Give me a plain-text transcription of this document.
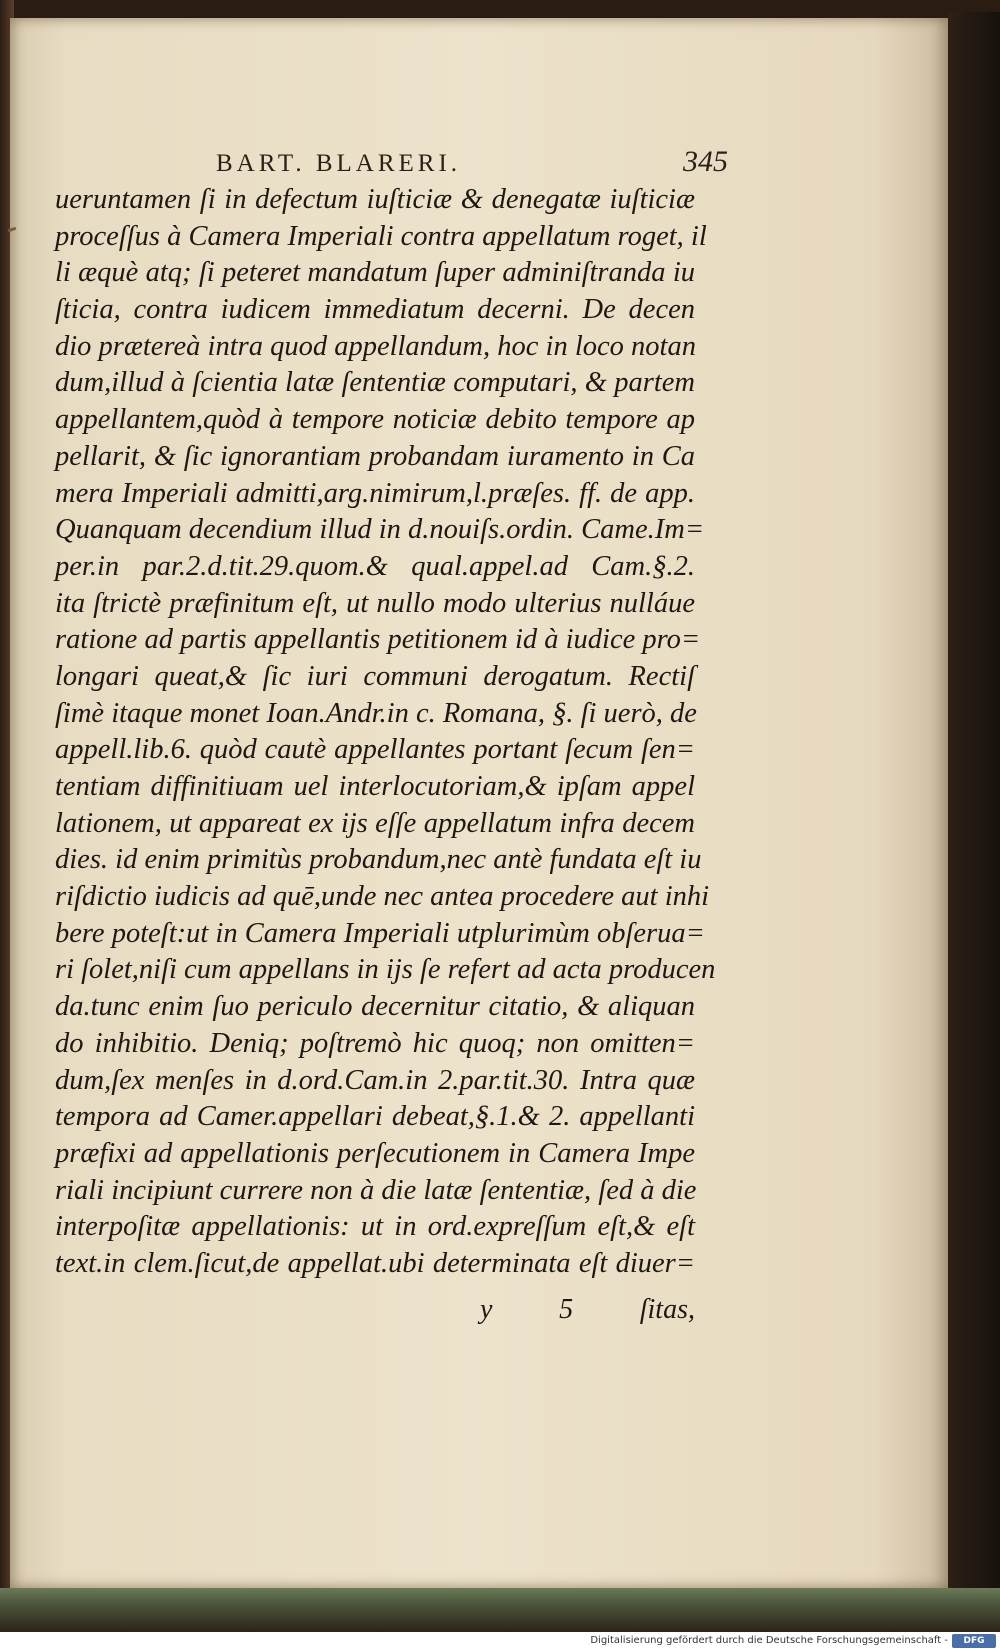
BART. BLARERI.	345
ueruntamen ſi in defectum iuſticiæ & denegatæ iuſticiæ
proceſſus à Camera Imperiali contra appellatum roget, il
li æquè atq; ſi peteret mandatum ſuper adminiſtranda iu
ſticia, contra iudicem immediatum decerni. De decen
dio prætereà intra quod appellandum, hoc in loco notan
dum,illud à ſcientia latæ ſententiæ computari, & partem
appellantem,quòd à tempore noticiæ debito tempore ap
pellarit, & ſic ignorantiam probandam iuramento in Ca
mera Imperiali admitti,arg.nimirum,l.præſes. ff. de app.
Quanquam decendium illud in d.nouiſs.ordin. Came.Im=
per.in par.2.d.tit.29.quom.& qual.appel.ad Cam.§.2.
ita ſtrictè præfinitum eſt, ut nullo modo ulterius nulláue
ratione ad partis appellantis petitionem id à iudice pro=
longari queat,& ſic iuri communi derogatum. Rectiſ
ſimè itaque monet Ioan.Andr.in c. Romana, §. ſi uerò, de
appell.lib.6. quòd cautè appellantes portant ſecum ſen=
tentiam diffinitiuam uel interlocutoriam,& ipſam appel
lationem, ut appareat ex ijs eſſe appellatum infra decem
dies. id enim primitùs probandum,nec antè fundata eſt iu
riſdictio iudicis ad quē,unde nec antea procedere aut inhi
bere poteſt:ut in Camera Imperiali utplurimùm obſerua=
ri ſolet,niſi cum appellans in ijs ſe refert ad acta producen
da.tunc enim ſuo periculo decernitur citatio, & aliquan
do inhibitio. Deniq; poſtremò hic quoq; non omitten=
dum,ſex menſes in d.ord.Cam.in 2.par.tit.30. Intra quæ
tempora ad Camer.appellari debeat,§.1.& 2. appellanti
præfixi ad appellationis perſecutionem in Camera Impe
riali incipiunt currere non à die latæ ſententiæ, ſed à die
interpoſitæ appellationis: ut in ord.expreſſum eſt,& eſt
text.in clem.ſicut,de appellat.ubi determinata eſt diuer=
y 5 ſitas,
Digitalisierung gefördert durch die Deutsche Forschungsgemeinschaft -	DFG
